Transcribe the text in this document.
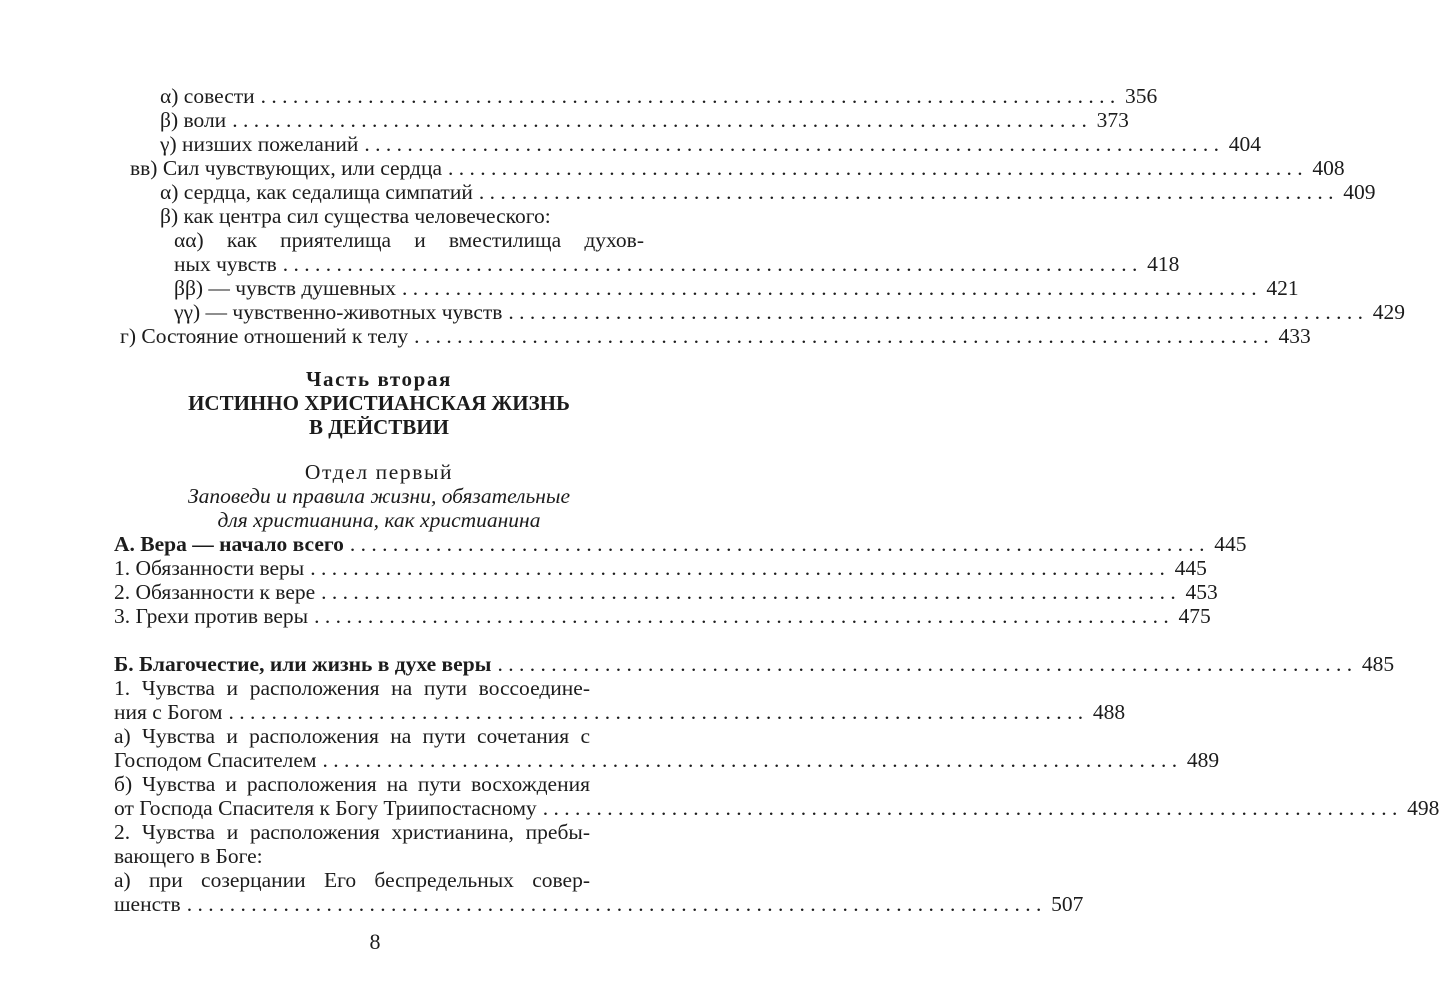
α) совести . . . . . . . . . . . . . . . . . . . . . . . . . . . . . . . . . . . . . . . . . . . . . . . . . . . . . . . . . . . . . . . . . . . . . . . . . . . . . . . . 356
β) воли . . . . . . . . . . . . . . . . . . . . . . . . . . . . . . . . . . . . . . . . . . . . . . . . . . . . . . . . . . . . . . . . . . . . . . . . . . . . . . . . 373
γ) низших пожеланий . . . . . . . . . . . . . . . . . . . . . . . . . . . . . . . . . . . . . . . . . . . . . . . . . . . . . . . . . . . . . . . . . . . . . . . . . . . . . . . . 404
вв) Сил чувствующих, или сердца . . . . . . . . . . . . . . . . . . . . . . . . . . . . . . . . . . . . . . . . . . . . . . . . . . . . . . . . . . . . . . . . . . . . . . . . . . . . . . . . 408
α) сердца, как седалища симпатий . . . . . . . . . . . . . . . . . . . . . . . . . . . . . . . . . . . . . . . . . . . . . . . . . . . . . . . . . . . . . . . . . . . . . . . . . . . . . . . . 409
β) как центра сил существа человеческого:
αα) как приятелища и вместилища духов-
ных чувств . . . . . . . . . . . . . . . . . . . . . . . . . . . . . . . . . . . . . . . . . . . . . . . . . . . . . . . . . . . . . . . . . . . . . . . . . . . . . . . . 418
ββ) — чувств душевных . . . . . . . . . . . . . . . . . . . . . . . . . . . . . . . . . . . . . . . . . . . . . . . . . . . . . . . . . . . . . . . . . . . . . . . . . . . . . . . . 421
γγ) — чувственно-животных чувств . . . . . . . . . . . . . . . . . . . . . . . . . . . . . . . . . . . . . . . . . . . . . . . . . . . . . . . . . . . . . . . . . . . . . . . . . . . . . . . . 429
г) Состояние отношений к телу . . . . . . . . . . . . . . . . . . . . . . . . . . . . . . . . . . . . . . . . . . . . . . . . . . . . . . . . . . . . . . . . . . . . . . . . . . . . . . . . 433
Часть вторая
ИСТИННО ХРИСТИАНСКАЯ ЖИЗНЬ
В ДЕЙСТВИИ
Отдел первый
Заповеди и правила жизни, обязательные
для христианина, как христианина
А. Вера — начало всего . . . . . . . . . . . . . . . . . . . . . . . . . . . . . . . . . . . . . . . . . . . . . . . . . . . . . . . . . . . . . . . . . . . . . . . . . . . . . . . . 445
1. Обязанности веры . . . . . . . . . . . . . . . . . . . . . . . . . . . . . . . . . . . . . . . . . . . . . . . . . . . . . . . . . . . . . . . . . . . . . . . . . . . . . . . . 445
2. Обязанности к вере . . . . . . . . . . . . . . . . . . . . . . . . . . . . . . . . . . . . . . . . . . . . . . . . . . . . . . . . . . . . . . . . . . . . . . . . . . . . . . . . 453
3. Грехи против веры . . . . . . . . . . . . . . . . . . . . . . . . . . . . . . . . . . . . . . . . . . . . . . . . . . . . . . . . . . . . . . . . . . . . . . . . . . . . . . . . 475
Б. Благочестие, или жизнь в духе веры . . . . . . . . . . . . . . . . . . . . . . . . . . . . . . . . . . . . . . . . . . . . . . . . . . . . . . . . . . . . . . . . . . . . . . . . . . . . . . . . 485
1. Чувства и расположения на пути воссоедине-
ния с Богом . . . . . . . . . . . . . . . . . . . . . . . . . . . . . . . . . . . . . . . . . . . . . . . . . . . . . . . . . . . . . . . . . . . . . . . . . . . . . . . . 488
а) Чувства и расположения на пути сочетания с
Господом Спасителем . . . . . . . . . . . . . . . . . . . . . . . . . . . . . . . . . . . . . . . . . . . . . . . . . . . . . . . . . . . . . . . . . . . . . . . . . . . . . . . . 489
б) Чувства и расположения на пути восхождения
от Господа Спасителя к Богу Триипостасному . . . . . . . . . . . . . . . . . . . . . . . . . . . . . . . . . . . . . . . . . . . . . . . . . . . . . . . . . . . . . . . . . . . . . . . . . . . . . . . . 498
2. Чувства и расположения христианина, пребы-
вающего в Боге:
а) при созерцании Его беспредельных совер-
шенств . . . . . . . . . . . . . . . . . . . . . . . . . . . . . . . . . . . . . . . . . . . . . . . . . . . . . . . . . . . . . . . . . . . . . . . . . . . . . . . . 507
8
